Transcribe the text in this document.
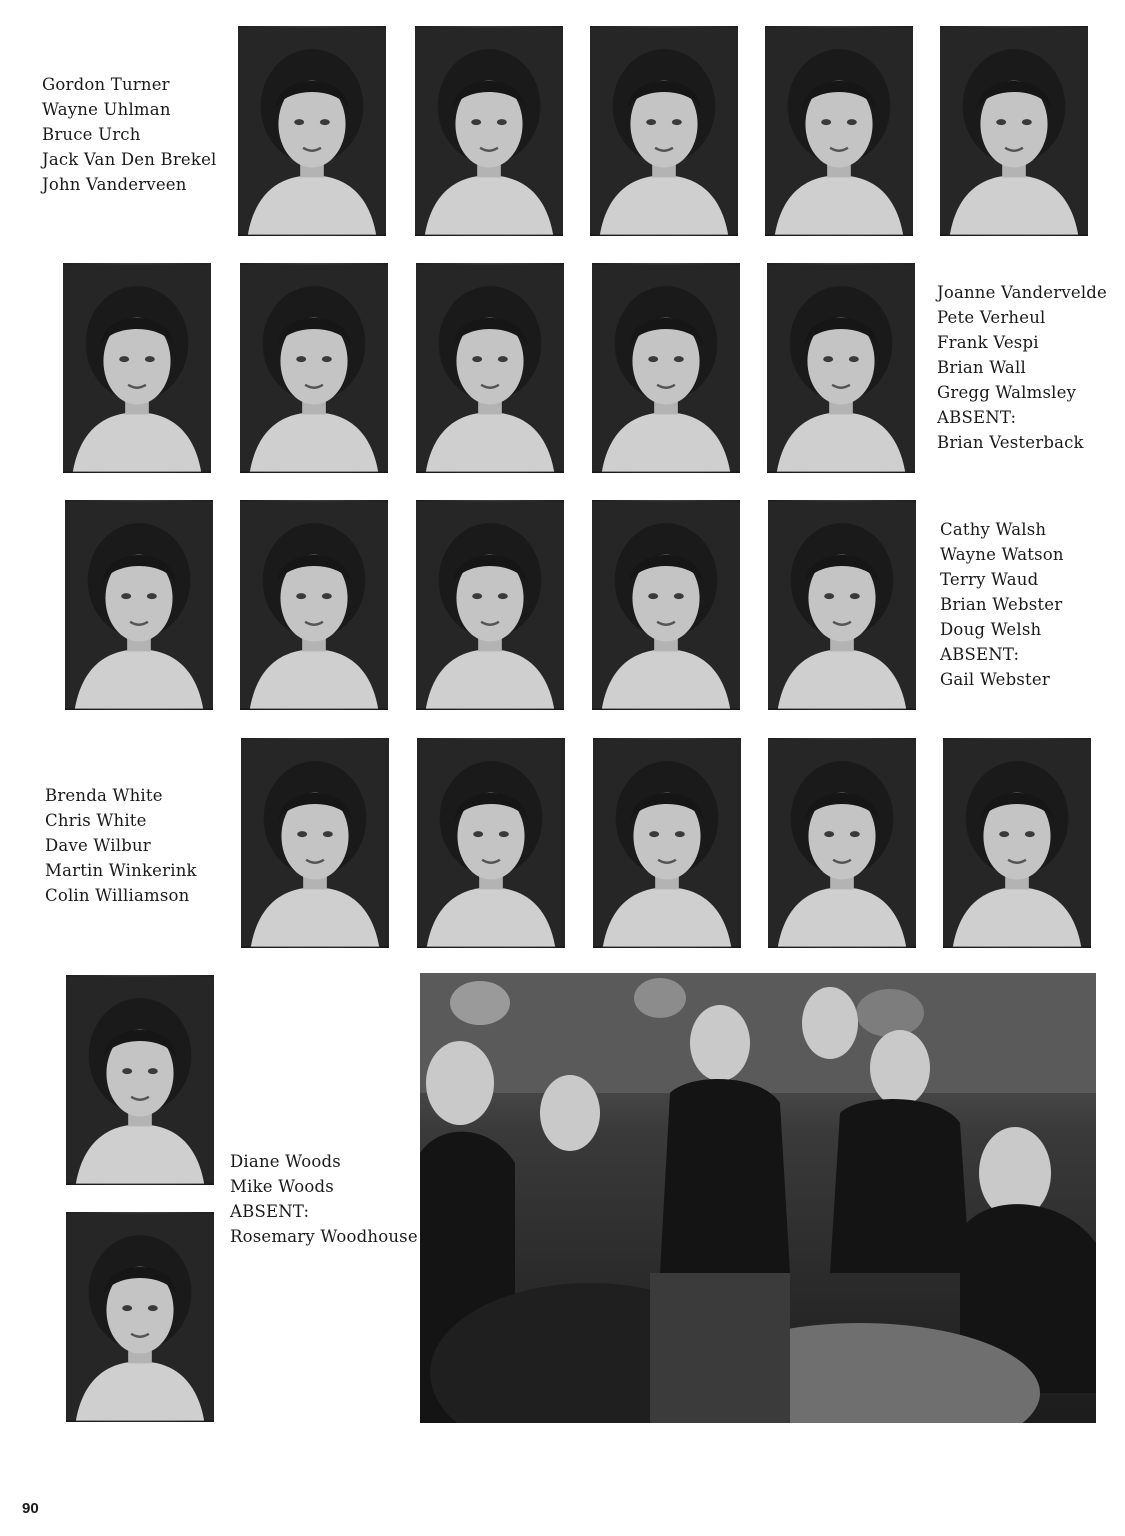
Gordon Turner
Wayne Uhlman
Bruce Urch
Jack Van Den Brekel
John Vanderveen
Joanne Vandervelde
Pete Verheul
Frank Vespi
Brian Wall
Gregg Walmsley
ABSENT:
Brian Vesterback
Cathy Walsh
Wayne Watson
Terry Waud
Brian Webster
Doug Welsh
ABSENT:
Gail Webster
Brenda White
Chris White
Dave Wilbur
Martin Winkerink
Colin Williamson
Diane Woods
Mike Woods
ABSENT:
Rosemary Woodhouse
90
